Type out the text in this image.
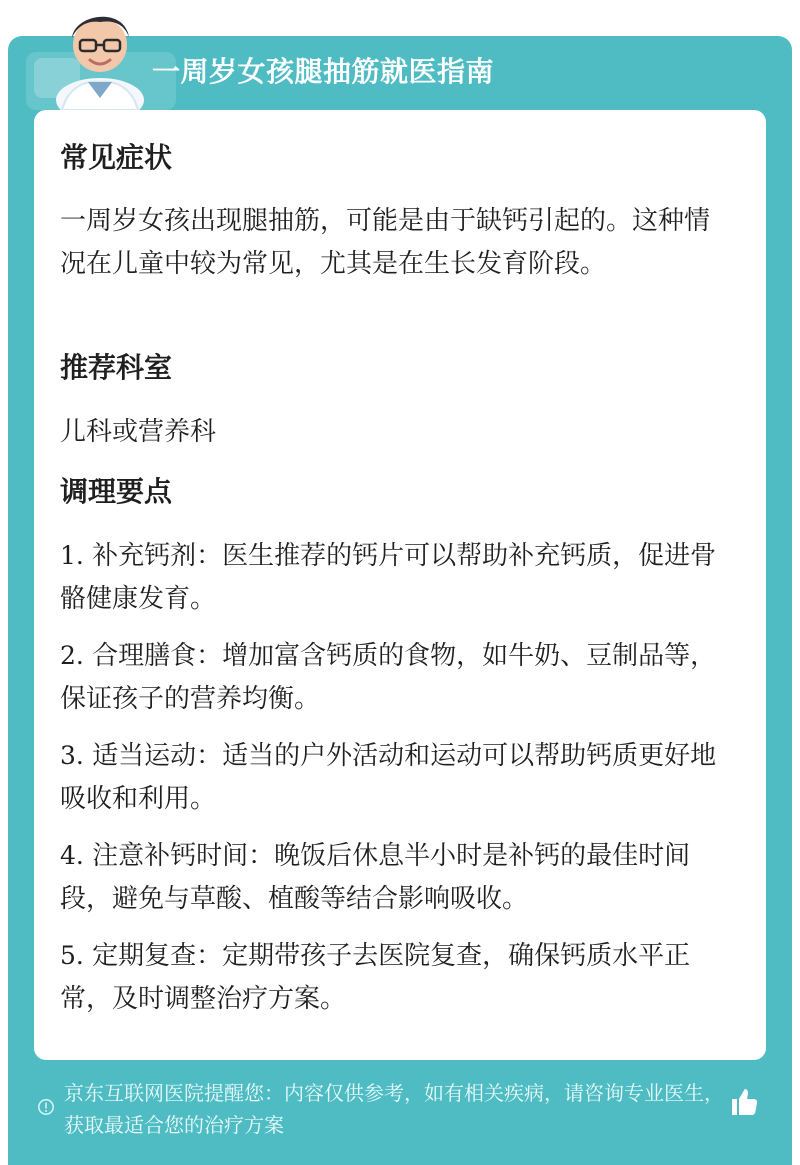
一周岁女孩腿抽筋就医指南
常见症状
一周岁女孩出现腿抽筋，可能是由于缺钙引起的。这种情况在儿童中较为常见，尤其是在生长发育阶段。
推荐科室
儿科或营养科
调理要点
1. 补充钙剂：医生推荐的钙片可以帮助补充钙质，促进骨骼健康发育。
2. 合理膳食：增加富含钙质的食物，如牛奶、豆制品等，保证孩子的营养均衡。
3. 适当运动：适当的户外活动和运动可以帮助钙质更好地吸收和利用。
4. 注意补钙时间：晚饭后休息半小时是补钙的最佳时间段，避免与草酸、植酸等结合影响吸收。
5. 定期复查：定期带孩子去医院复查，确保钙质水平正常，及时调整治疗方案。
京东互联网医院提醒您：内容仅供参考，如有相关疾病，请咨询专业医生，获取最适合您的治疗方案
